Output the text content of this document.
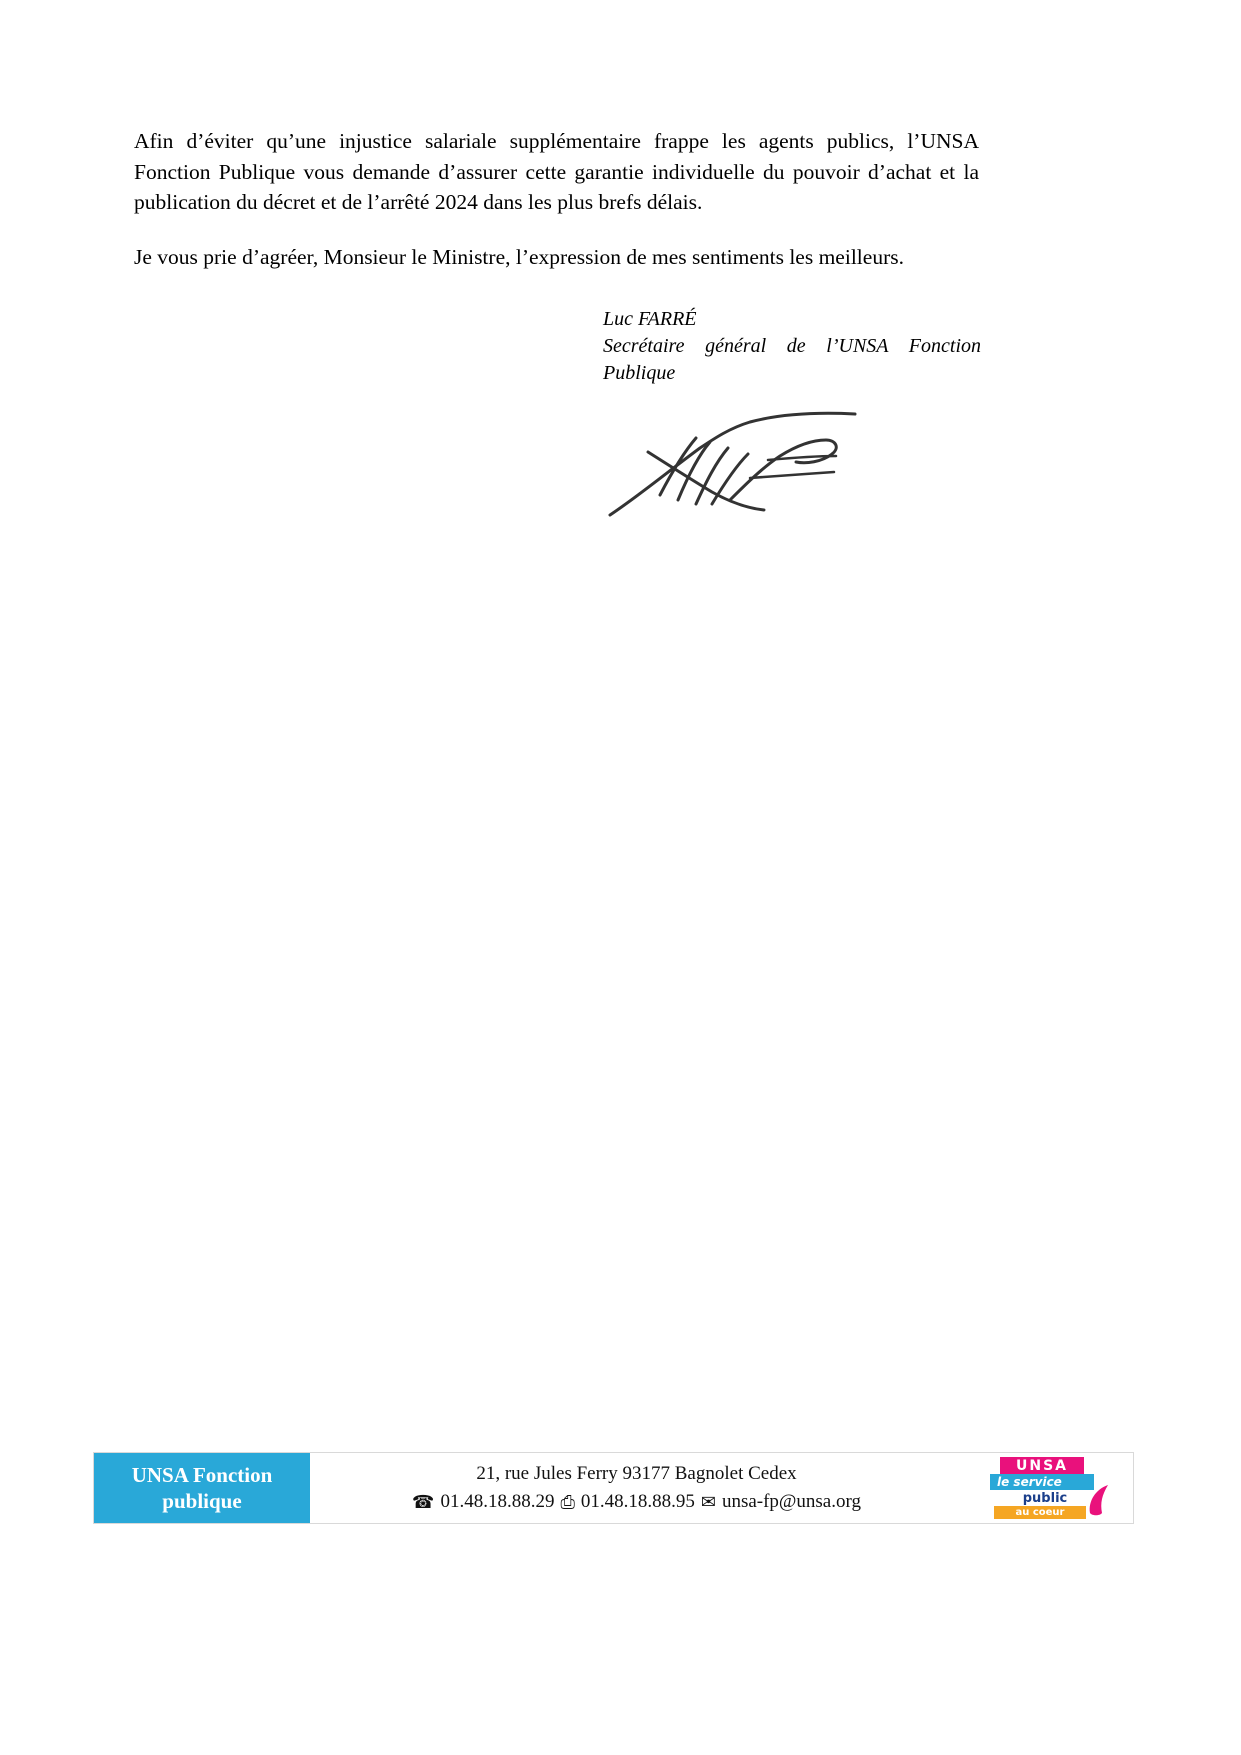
Afin d’éviter qu’une injustice salariale supplémentaire frappe les agents publics, l’UNSA Fonction Publique vous demande d’assurer cette garantie individuelle du pouvoir d’achat et la publication du décret et de l’arrêté 2024 dans les plus brefs délais.

Je vous prie d’agréer, Monsieur le Ministre, l’expression de mes sentiments les meilleurs.

Luc FARRÉ
Secrétaire général de l’UNSA Fonction Publique
UNSA Fonction
publique
21, rue Jules Ferry 93177 Bagnolet Cedex
☎ 01.48.18.88.29 ⎙ 01.48.18.88.95 ✉ unsa-fp@unsa.org
UNSA
le service
public
au coeur
